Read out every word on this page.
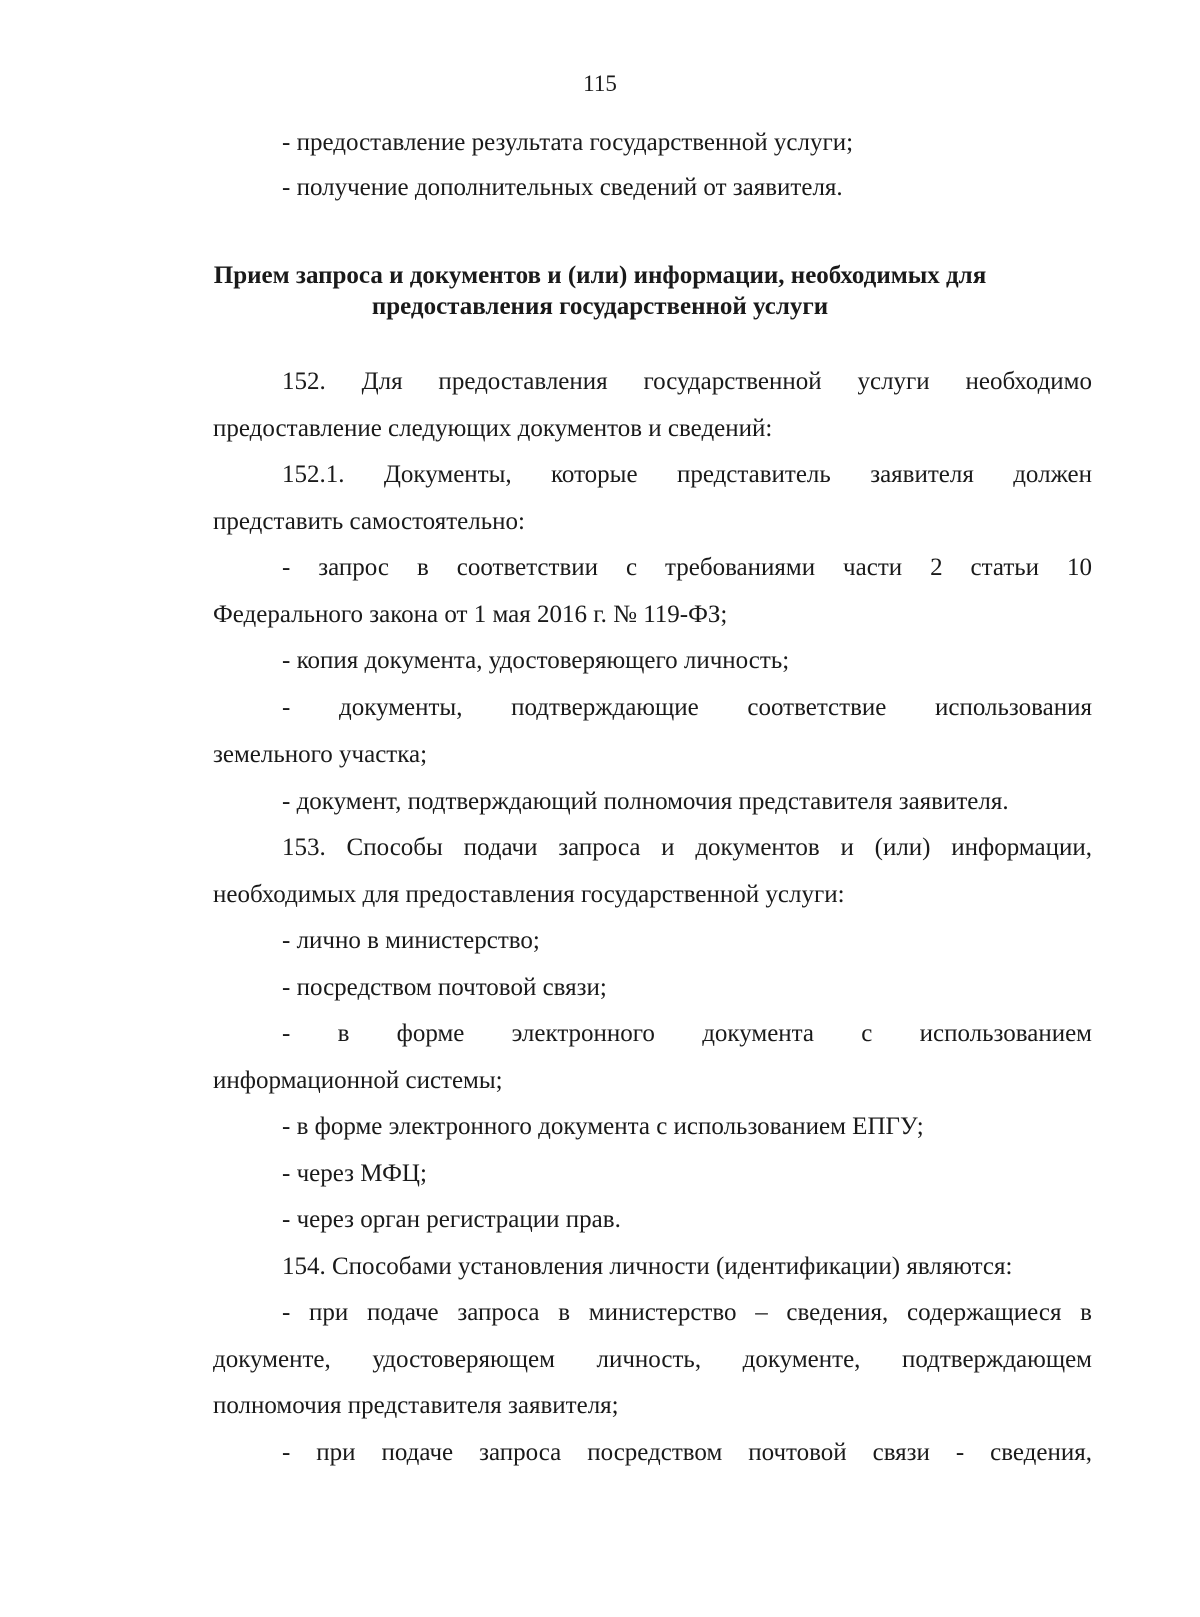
115
- предоставление результата государственной услуги;
- получение дополнительных сведений от заявителя.
Прием запроса и документов и (или) информации, необходимых для
предоставления государственной услуги
152. Для предоставления государственной услуги необходимо
предоставление следующих документов и сведений:
152.1. Документы, которые представитель заявителя должен
представить самостоятельно:
- запрос в соответствии с требованиями части 2 статьи 10
Федерального закона от 1 мая 2016 г. № 119-ФЗ;
- копия документа, удостоверяющего личность;
- документы, подтверждающие соответствие использования
земельного участка;
- документ, подтверждающий полномочия представителя заявителя.
153. Способы подачи запроса и документов и (или) информации,
необходимых для предоставления государственной услуги:
- лично в министерство;
- посредством почтовой связи;
- в форме электронного документа с использованием
информационной системы;
- в форме электронного документа с использованием ЕПГУ;
- через МФЦ;
- через орган регистрации прав.
154. Способами установления личности (идентификации) являются:
- при подаче запроса в министерство – сведения, содержащиеся в
документе, удостоверяющем личность, документе, подтверждающем
полномочия представителя заявителя;
- при подаче запроса посредством почтовой связи - сведения,
